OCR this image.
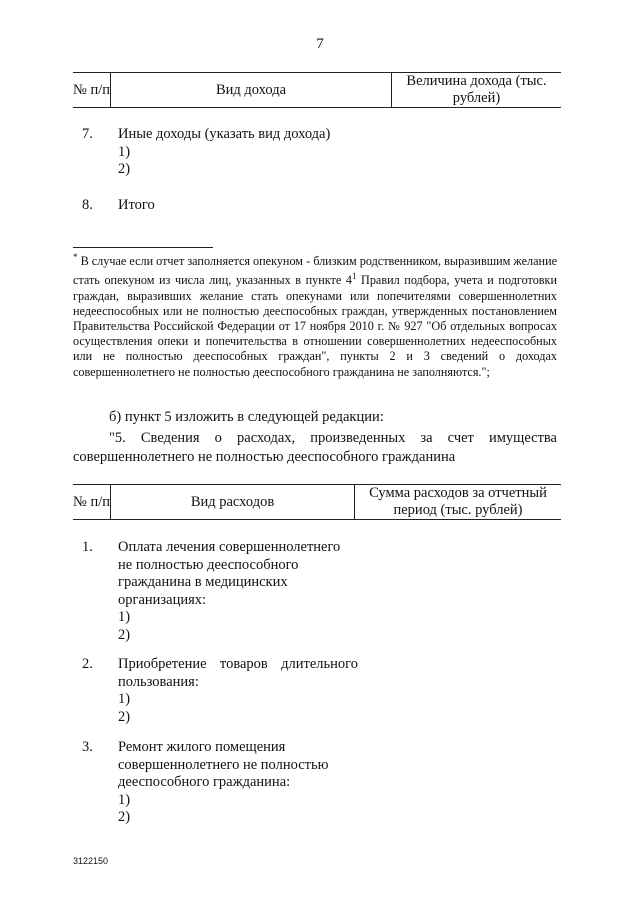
7
№ п/п	Вид дохода	Величина дохода (тыс. рублей)
7.	Иные доходы (указать вид дохода)
1)
2)
8.	Итого
* В случае если отчет заполняется опекуном - близким родственником, выразившим желание стать опекуном из числа лиц, указанных в пункте $4^1$ Правил подбора, учета и подготовки граждан, выразивших желание стать опекунами или попечителями совершеннолетних недееспособных или не полностью дееспособных граждан, утвержденных постановлением Правительства Российской Федерации от 17 ноября 2010 г. № 927 "Об отдельных вопросах осуществления опеки и попечительства в отношении совершеннолетних недееспособных или не полностью дееспособных граждан", пункты 2 и 3 сведений о доходах совершеннолетнего не полностью дееспособного гражданина не заполняются.";
б) пункт 5 изложить в следующей редакции:
"5. Сведения о расходах, произведенных за счет имущества совершеннолетнего не полностью дееспособного гражданина
№ п/п	Вид расходов	Сумма расходов за отчетный период (тыс. рублей)
1.	Оплата лечения совершеннолетнего не полностью дееспособного гражданина в медицинских организациях:
1)
2)
2.	Приобретение товаров длительного пользования:
1)
2)
3.	Ремонт жилого помещения совершеннолетнего не полностью дееспособного гражданина:
1)
2)
3122150
